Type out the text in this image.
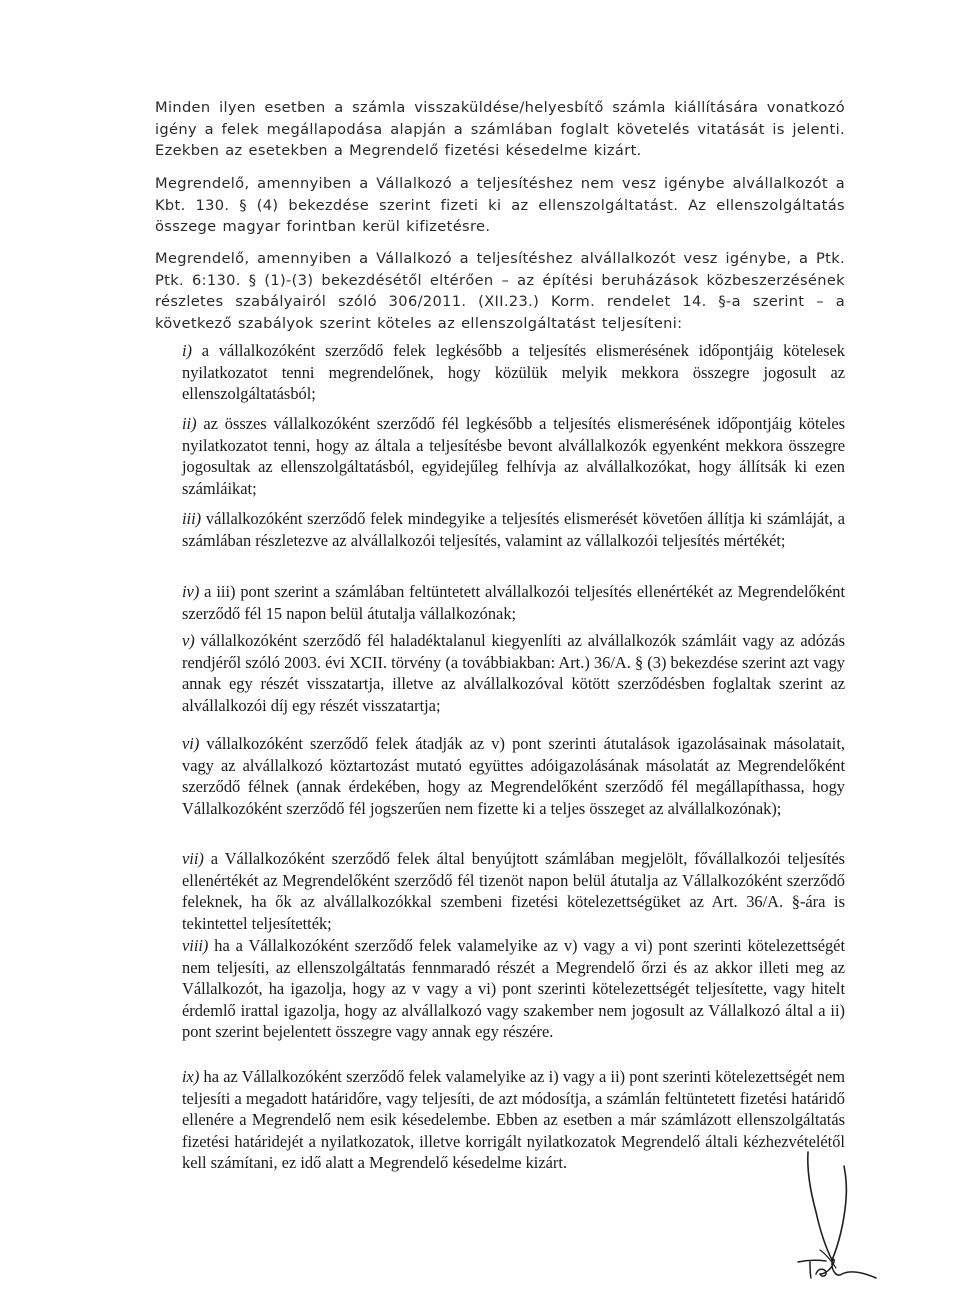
Minden ilyen esetben a számla visszaküldése/helyesbítő számla kiállítására vonatkozó igény a felek megállapodása alapján a számlában foglalt követelés vitatását is jelenti. Ezekben az esetekben a Megrendelő fizetési késedelme kizárt.

Megrendelő, amennyiben a Vállalkozó a teljesítéshez nem vesz igénybe alvállalkozót a Kbt. 130. § (4) bekezdése szerint fizeti ki az ellenszolgáltatást. Az ellenszolgáltatás összege magyar forintban kerül kifizetésre.

Megrendelő, amennyiben a Vállalkozó a teljesítéshez alvállalkozót vesz igénybe, a Ptk. Ptk. 6:130. § (1)-(3) bekezdésétől eltérően – az építési beruházások közbeszerzésének részletes szabályairól szóló 306/2011. (XII.23.) Korm. rendelet 14. §-a szerint – a következő szabályok szerint köteles az ellenszolgáltatást teljesíteni:

i) a vállalkozóként szerződő felek legkésőbb a teljesítés elismerésének időpontjáig kötelesek nyilatkozatot tenni megrendelőnek, hogy közülük melyik mekkora összegre jogosult az ellenszolgáltatásból;

ii) az összes vállalkozóként szerződő fél legkésőbb a teljesítés elismerésének időpontjáig köteles nyilatkozatot tenni, hogy az általa a teljesítésbe bevont alvállalkozók egyenként mekkora összegre jogosultak az ellenszolgáltatásból, egyidejűleg felhívja az alvállalkozókat, hogy állítsák ki ezen számláikat;

iii) vállalkozóként szerződő felek mindegyike a teljesítés elismerését követően állítja ki számláját, a számlában részletezve az alvállalkozói teljesítés, valamint az vállalkozói teljesítés mértékét;

iv) a iii) pont szerint a számlában feltüntetett alvállalkozói teljesítés ellenértékét az Megrendelőként szerződő fél 15 napon belül átutalja vállalkozónak;

v) vállalkozóként szerződő fél haladéktalanul kiegyenlíti az alvállalkozók számláit vagy az adózás rendjéről szóló 2003. évi XCII. törvény (a továbbiakban: Art.) 36/A. § (3) bekezdése szerint azt vagy annak egy részét visszatartja, illetve az alvállalkozóval kötött szerződésben foglaltak szerint az alvállalkozói díj egy részét visszatartja;

vi) vállalkozóként szerződő felek átadják az v) pont szerinti átutalások igazolásainak másolatait, vagy az alvállalkozó köztartozást mutató együttes adóigazolásának másolatát az Megrendelőként szerződő félnek (annak érdekében, hogy az Megrendelőként szerződő fél megállapíthassa, hogy Vállalkozóként szerződő fél jogszerűen nem fizette ki a teljes összeget az alvállalkozónak);

vii) a Vállalkozóként szerződő felek által benyújtott számlában megjelölt, fővállalkozói teljesítés ellenértékét az Megrendelőként szerződő fél tizenöt napon belül átutalja az Vállalkozóként szerződő feleknek, ha ők az alvállalkozókkal szembeni fizetési kötelezettségüket az Art. 36/A. §-ára is tekintettel teljesítették;

viii) ha a Vállalkozóként szerződő felek valamelyike az v) vagy a vi) pont szerinti kötelezettségét nem teljesíti, az ellenszolgáltatás fennmaradó részét a Megrendelő őrzi és az akkor illeti meg az Vállalkozót, ha igazolja, hogy az v vagy a vi) pont szerinti kötelezettségét teljesítette, vagy hitelt érdemlő irattal igazolja, hogy az alvállalkozó vagy szakember nem jogosult az Vállalkozó által a ii) pont szerint bejelentett összegre vagy annak egy részére.

ix) ha az Vállalkozóként szerződő felek valamelyike az i) vagy a ii) pont szerinti kötelezettségét nem teljesíti a megadott határidőre, vagy teljesíti, de azt módosítja, a számlán feltüntetett fizetési határidő ellenére a Megrendelő nem esik késedelembe. Ebben az esetben a már számlázott ellenszolgáltatás fizetési határidejét a nyilatkozatok, illetve korrigált nyilatkozatok Megrendelő általi kézhezvételétől kell számítani, ez idő alatt a Megrendelő késedelme kizárt.
